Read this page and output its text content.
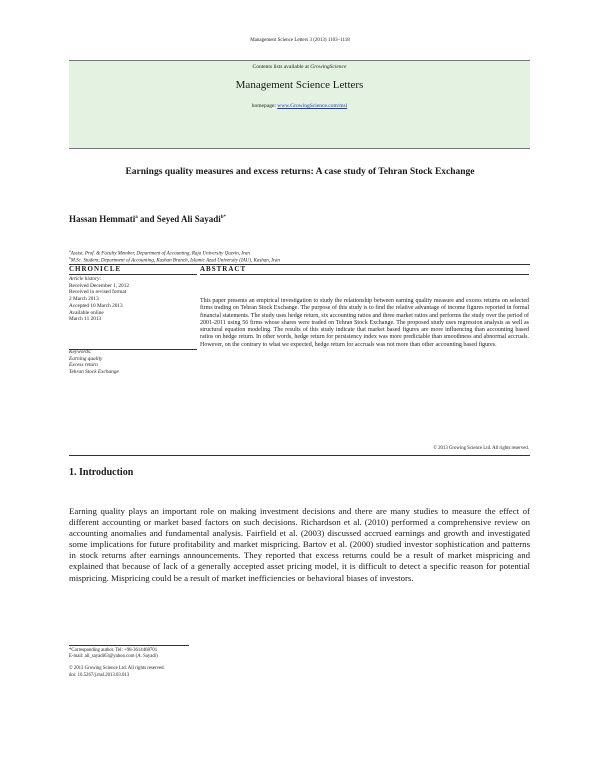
Management Science Letters 3 (2013) 1103–1118
Contents lists available at GrowingScience
Management Science Letters
homepage: www.GrowingScience.com/msl
Earnings quality measures and excess returns: A case study of Tehran Stock Exchange
Hassan Hemmati$^a$ and Seyed Ali Sayadi$^{b*}$
$^a$Assist. Prof. & Faculty Member, Department of Accounting, Raja University Qazvin, Iran
$^b$M.Sc. Student, Department of Accounting, Kashan Branch, Islamic Azad University (IAU), Kashan, Iran
CHRONICLE	ABSTRACT
Article history:
Received December 1, 2012
Received in revised format
2 March 2013
Accepted 10 March 2013
Available online
March 11 2013
Keywords:
Earning quality
Excess return
Tehran Stock Exchange
This paper presents an empirical investigation to study the relationship between earning quality measure and excess returns on selected firms trading on Tehran Stock Exchange. The purpose of this study is to find the relative advantage of income figures reported in formal financial statements. The study uses hedge return, six accounting ratios and three market ratios and performs the study over the period of 2001-2011 using 56 firms whose shares were traded on Tehran Stock Exchange. The proposed study uses regression analysis as well as structural equation modeling. The results of this study indicate that market based figures are more influencing than accounting based ratios on hedge return. In other words, hedge return for persistency index was more predictable than smoothness and abnormal accruals. However, on the contrary to what we expected, hedge return for accruals was not more than other accounting based figures.
© 2013 Growing Science Ltd. All rights reserved.
1. Introduction
Earning quality plays an important role on making investment decisions and there are many studies to measure the effect of different accounting or market based factors on such decisions. Richardson et al. (2010) performed a comprehensive review on accounting anomalies and fundamental analysis. Fairfield et al. (2003) discussed accrued earnings and growth and investigated some implications for future profitability and market mispricing. Bartov et al. (2000) studied investor sophistication and patterns in stock returns after earnings announcements. They reported that excess returns could be a result of market mispricing and explained that because of lack of a generally accepted asset pricing model, it is difficult to detect a specific reason for potential mispricing. Mispricing could be a result of market inefficiencies or behavioral biases of investors.
*Corresponding author. Tel: +98-3614468701
E-mail: ali_sayadi63@yahoo.com (A. Sayadi)
© 2013 Growing Science Ltd. All rights reserved.
doi: 10.5267/j.msl.2013.03.013
